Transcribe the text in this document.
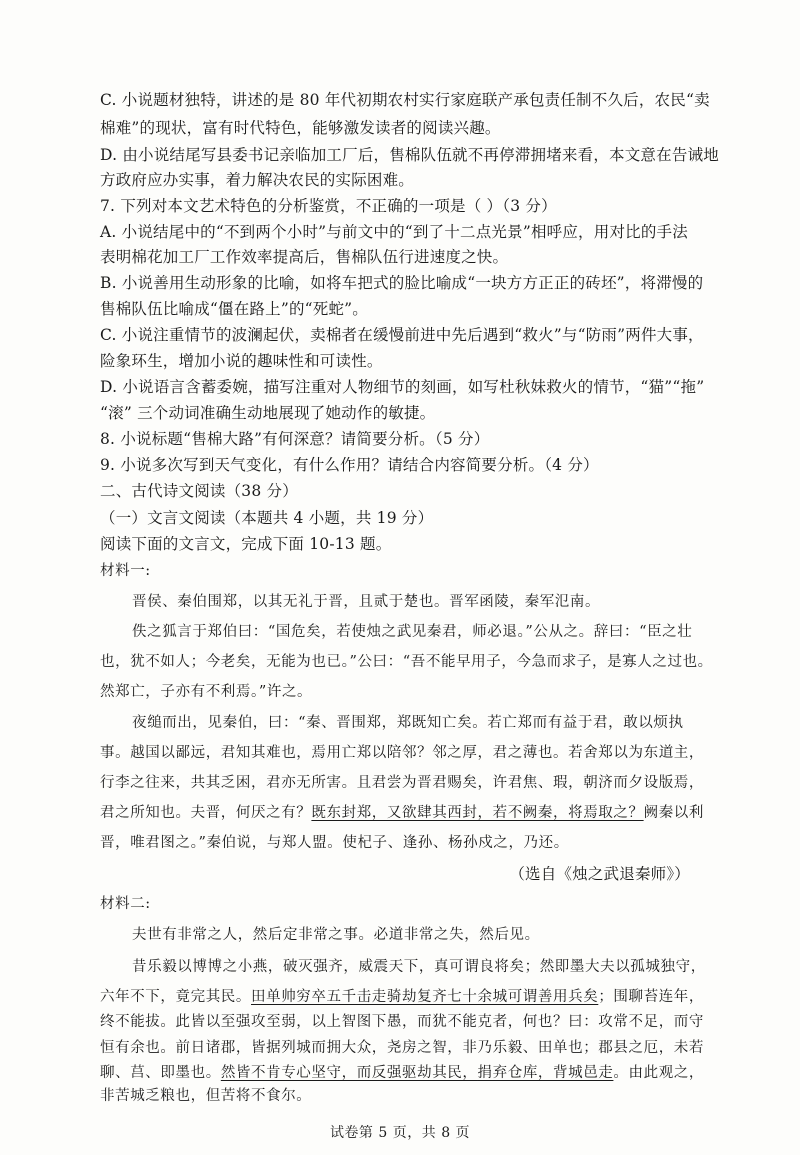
C. 小说题材独特，讲述的是 80 年代初期农村实行家庭联产承包责任制不久后，农民“卖
棉难”的现状，富有时代特色，能够激发读者的阅读兴趣。
D. 由小说结尾写县委书记亲临加工厂后，售棉队伍就不再停滞拥堵来看，本文意在告诫地
方政府应办实事，着力解决农民的实际困难。
7. 下列对本文艺术特色的分析鉴赏，不正确的一项是（ ）（3 分）
A. 小说结尾中的“不到两个小时”与前文中的“到了十二点光景”相呼应，用对比的手法
表明棉花加工厂工作效率提高后，售棉队伍行进速度之快。
B. 小说善用生动形象的比喻，如将车把式的脸比喻成“一块方方正正的砖坯”，将滞慢的
售棉队伍比喻成“僵在路上”的“死蛇”。
C. 小说注重情节的波澜起伏，卖棉者在缓慢前进中先后遇到“救火”与“防雨”两件大事，
险象环生，增加小说的趣味性和可读性。
D. 小说语言含蓄委婉，描写注重对人物细节的刻画，如写杜秋妹救火的情节，“猫”“拖”
“滚” 三个动词准确生动地展现了她动作的敏捷。
8. 小说标题“售棉大路”有何深意？请简要分析。（5 分）
9. 小说多次写到天气变化，有什么作用？请结合内容简要分析。（4 分）
二、古代诗文阅读（38 分）
（一）文言文阅读（本题共 4 小题，共 19 分）
阅读下面的文言文，完成下面 10-13 题。
材料一:
晋侯、秦伯围郑，以其无礼于晋，且贰于楚也。晋军函陵，秦军氾南。
佚之狐言于郑伯曰：“国危矣，若使烛之武见秦君，师必退。”公从之。辞曰：“臣之壮
也，犹不如人；今老矣，无能为也已。”公曰：“吾不能早用子，今急而求子，是寡人之过也。
然郑亡，子亦有不利焉。”许之。
夜缒而出，见秦伯，曰：“秦、晋围郑，郑既知亡矣。若亡郑而有益于君，敢以烦执
事。越国以鄙远，君知其难也，焉用亡郑以陪邻？邻之厚，君之薄也。若舍郑以为东道主，
行李之往来，共其乏困，君亦无所害。且君尝为晋君赐矣，许君焦、瑕，朝济而夕设版焉，
君之所知也。夫晋，何厌之有？既东封郑，又欲肆其西封，若不阙秦，将焉取之？阙秦以利
晋，唯君图之。”秦伯说，与郑人盟。使杞子、逢孙、杨孙戍之，乃还。
（选自《烛之武退秦师》）
材料二:
夫世有非常之人，然后定非常之事。必道非常之失，然后见。
昔乐毅以博博之小燕，破灭强齐，威震天下，真可谓良将矣；然即墨大夫以孤城独守，
六年不下，竟完其民。田单帅穷卒五千击走骑劫复齐七十余城可谓善用兵矣；围聊苔连年，
终不能拔。此皆以至强攻至弱，以上智图下愚，而犹不能克者，何也？曰：攻常不足，而守
恒有余也。前日诸郡，皆据列城而拥大众，尧房之智，非乃乐毅、田单也；郡县之厄，未若
聊、莒、即墨也。然皆不肯专心坚守，而反强驱劫其民，捐弃仓库，背城邑走。由此观之，
试卷第 5 页，共 8 页
非苦城乏粮也，但苦将不食尔。
